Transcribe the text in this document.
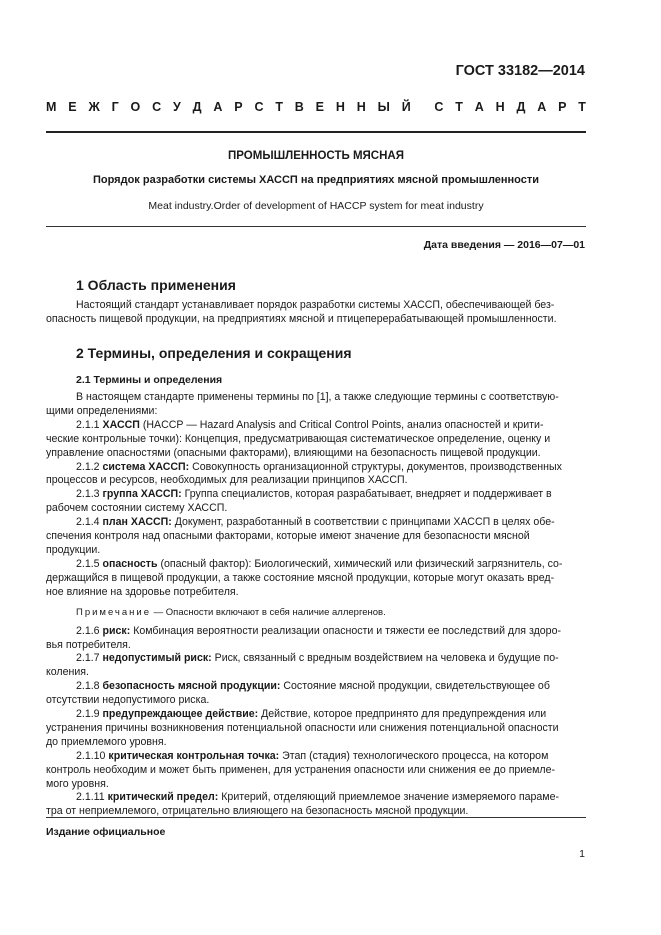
ГОСТ 33182—2014
М Е Ж Г О С У Д А Р С Т В Е Н Н Ы Й С Т А Н Д А Р Т
ПРОМЫШЛЕННОСТЬ МЯСНАЯ
Порядок разработки системы ХАССП на предприятиях мясной промышленности
Meat industry.Order of development of HACCP system for meat industry
Дата введения — 2016—07—01
1 Область применения
Настоящий стандарт устанавливает порядок разработки системы ХАССП, обеспечивающей без-
опасность пищевой продукции, на предприятиях мясной и птицеперерабатывающей промышленности.
2 Термины, определения и сокращения
2.1 Термины и определения
В настоящем стандарте применены термины по [1], а также следующие термины с соответствую-
щими определениями:
2.1.1 ХАССП (HACCP — Hazard Analysis and Critical Control Points, анализ опасностей и крити-
ческие контрольные точки): Концепция, предусматривающая систематическое определение, оценку и
управление опасностями (опасными факторами), влияющими на безопасность пищевой продукции.
2.1.2 система ХАССП: Совокупность организационной структуры, документов, производственных
процессов и ресурсов, необходимых для реализации принципов ХАССП.
2.1.3 группа ХАССП: Группа специалистов, которая разрабатывает, внедряет и поддерживает в
рабочем состоянии систему ХАССП.
2.1.4 план ХАССП: Документ, разработанный в соответствии с принципами ХАССП в целях обе-
спечения контроля над опасными факторами, которые имеют значение для безопасности мясной
продукции.
2.1.5 опасность (опасный фактор): Биологический, химический или физический загрязнитель, со-
держащийся в пищевой продукции, а также состояние мясной продукции, которые могут оказать вред-
ное влияние на здоровье потребителя.
Примечание — Опасности включают в себя наличие аллергенов.
2.1.6 риск: Комбинация вероятности реализации опасности и тяжести ее последствий для здоро-
вья потребителя.
2.1.7 недопустимый риск: Риск, связанный с вредным воздействием на человека и будущие по-
коления.
2.1.8 безопасность мясной продукции: Состояние мясной продукции, свидетельствующее об
отсутствии недопустимого риска.
2.1.9 предупреждающее действие: Действие, которое предпринято для предупреждения или
устранения причины возникновения потенциальной опасности или снижения потенциальной опасности
до приемлемого уровня.
2.1.10 критическая контрольная точка: Этап (стадия) технологического процесса, на котором
контроль необходим и может быть применен, для устранения опасности или снижения ее до приемле-
мого уровня.
2.1.11 критический предел: Критерий, отделяющий приемлемое значение измеряемого параме-
тра от неприемлемого, отрицательно влияющего на безопасность мясной продукции.
Издание официальное
1
